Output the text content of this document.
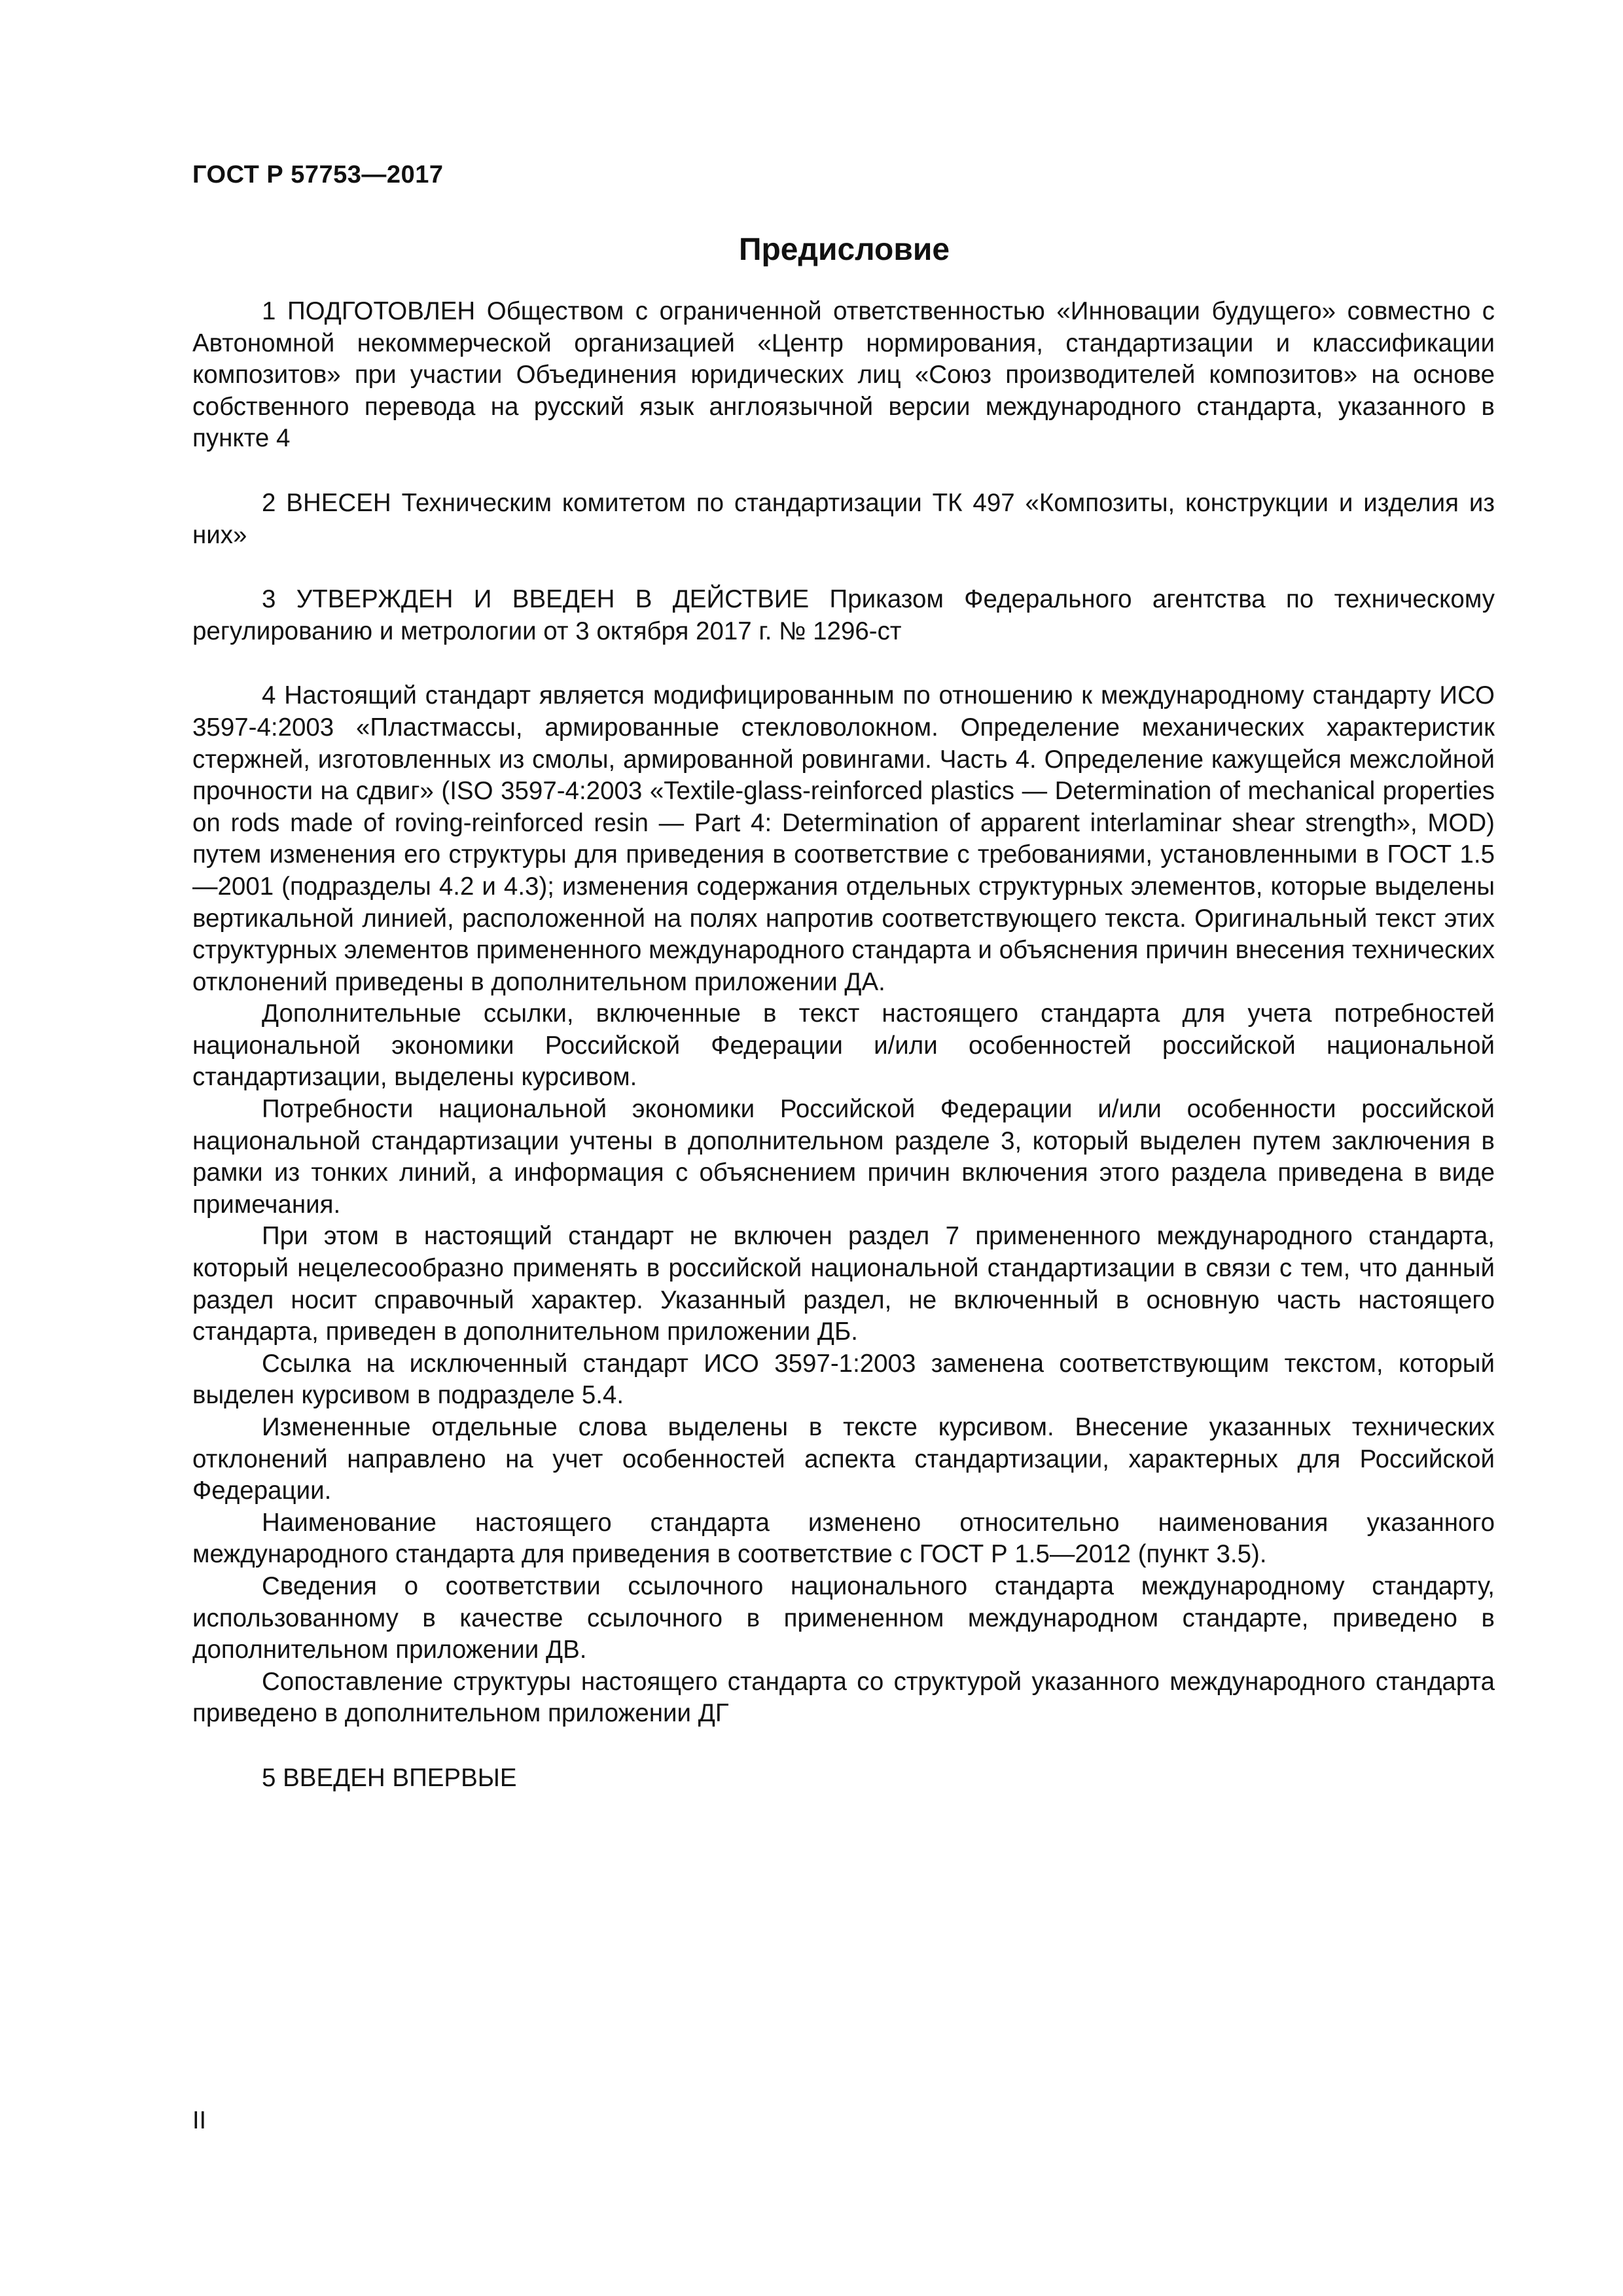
ГОСТ Р 57753—2017
Предисловие

1 ПОДГОТОВЛЕН Обществом с ограниченной ответственностью «Инновации будущего» совместно с Автономной некоммерческой организацией «Центр нормирования, стандартизации и классификации композитов» при участии Объединения юридических лиц «Союз производителей композитов» на основе собственного перевода на русский язык англоязычной версии международного стандарта, указанного в пункте 4

2 ВНЕСЕН Техническим комитетом по стандартизации ТК 497 «Композиты, конструкции и изделия из них»

3 УТВЕРЖДЕН И ВВЕДЕН В ДЕЙСТВИЕ Приказом Федерального агентства по техническому регулированию и метрологии от 3 октября 2017 г. № 1296-ст

4 Настоящий стандарт является модифицированным по отношению к международному стандарту ИСО 3597-4:2003 «Пластмассы, армированные стекловолокном. Определение механических характеристик стержней, изготовленных из смолы, армированной ровингами. Часть 4. Определение кажущейся межслойной прочности на сдвиг» (ISO 3597-4:2003 «Textile-glass-reinforced plastics — Determination of mechanical properties on rods made of roving-reinforced resin — Part 4: Determination of apparent interlaminar shear strength», MOD) путем изменения его структуры для приведения в соответствие с требованиями, установленными в ГОСТ 1.5—2001 (подразделы 4.2 и 4.3); изменения содержания отдельных структурных элементов, которые выделены вертикальной линией, расположенной на полях напротив соответствующего текста. Оригинальный текст этих структурных элементов примененного международного стандарта и объяснения причин внесения технических отклонений приведены в дополнительном приложении ДА.

Дополнительные ссылки, включенные в текст настоящего стандарта для учета потребностей национальной экономики Российской Федерации и/или особенностей российской национальной стандартизации, выделены курсивом.

Потребности национальной экономики Российской Федерации и/или особенности российской национальной стандартизации учтены в дополнительном разделе 3, который выделен путем заключения в рамки из тонких линий, а информация с объяснением причин включения этого раздела приведена в виде примечания.

При этом в настоящий стандарт не включен раздел 7 примененного международного стандарта, который нецелесообразно применять в российской национальной стандартизации в связи с тем, что данный раздел носит справочный характер. Указанный раздел, не включенный в основную часть настоящего стандарта, приведен в дополнительном приложении ДБ.

Ссылка на исключенный стандарт ИСО 3597-1:2003 заменена соответствующим текстом, который выделен курсивом в подразделе 5.4.

Измененные отдельные слова выделены в тексте курсивом. Внесение указанных технических отклонений направлено на учет особенностей аспекта стандартизации, характерных для Российской Федерации.

Наименование настоящего стандарта изменено относительно наименования указанного международного стандарта для приведения в соответствие с ГОСТ Р 1.5—2012 (пункт 3.5).

Сведения о соответствии ссылочного национального стандарта международному стандарту, использованному в качестве ссылочного в примененном международном стандарте, приведено в дополнительном приложении ДВ.

Сопоставление структуры настоящего стандарта со структурой указанного международного стандарта приведено в дополнительном приложении ДГ

5 ВВЕДЕН ВПЕРВЫЕ

II
